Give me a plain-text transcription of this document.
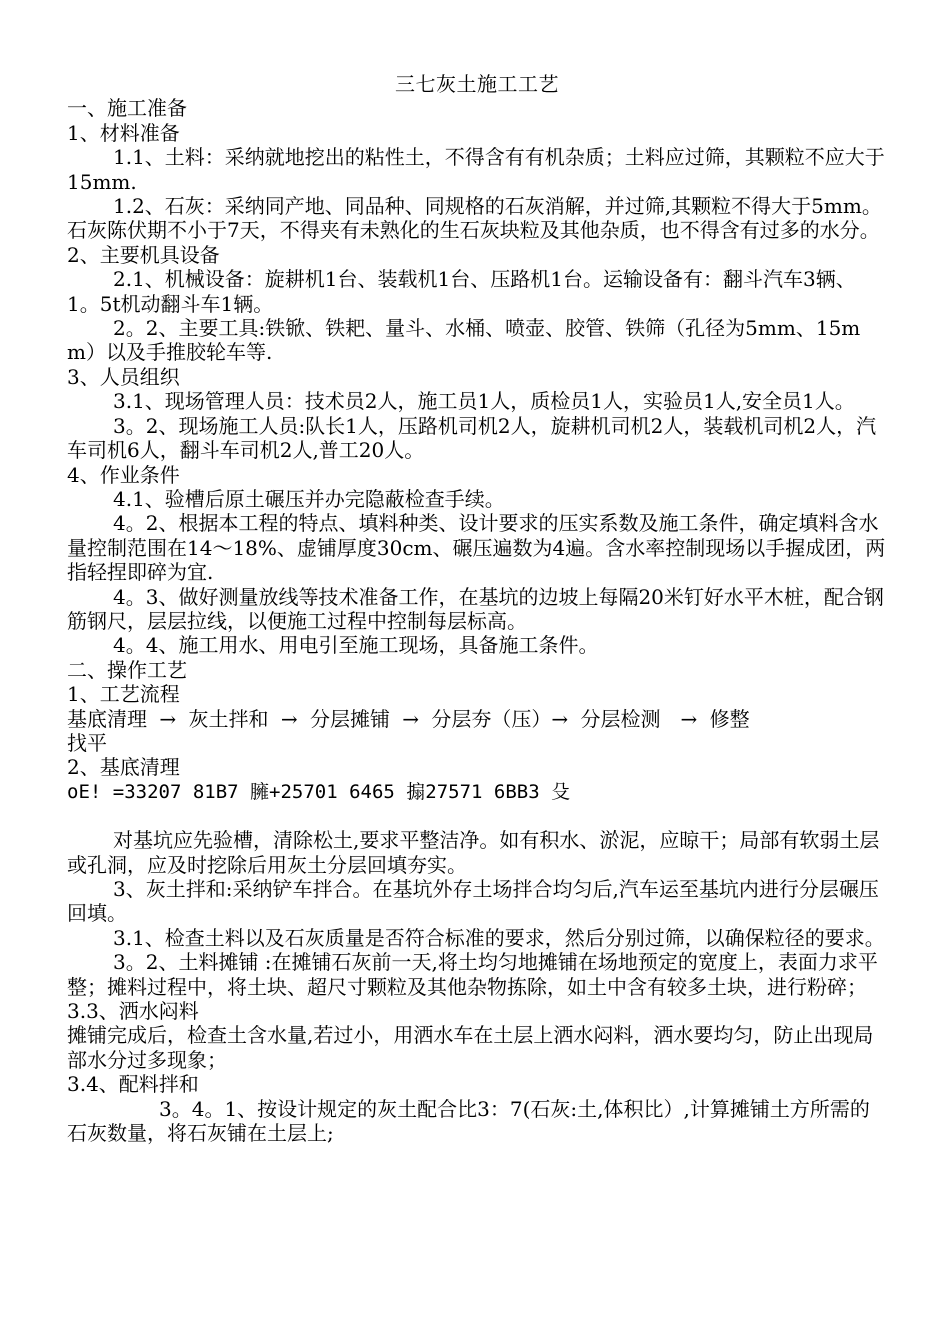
三七灰土施工工艺

一、施工准备

1、材料准备

1.1、土料：采纳就地挖出的粘性土，不得含有有机杂质；土料应过筛，其颗粒不应大于15mm.

1.2、石灰：采纳同产地、同品种、同规格的石灰消解，并过筛,其颗粒不得大于5mm。石灰陈伏期不小于7天，不得夹有未熟化的生石灰块粒及其他杂质，也不得含有过多的水分。

2、主要机具设备

2.1、机械设备：旋耕机1台、装载机1台、压路机1台。运输设备有：翻斗汽车3辆、1。5t机动翻斗车1辆。

2。2、主要工具:铁锨、铁耙、量斗、水桶、喷壶、胶管、铁筛（孔径为5mm、15mm）以及手推胶轮车等.

3、人员组织

3.1、现场管理人员：技术员2人，施工员1人，质检员1人，实验员1人,安全员1人。

3。2、现场施工人员:队长1人，压路机司机2人，旋耕机司机2人，装载机司机2人，汽车司机6人，翻斗车司机2人,普工20人。

4、作业条件

4.1、验槽后原土碾压并办完隐蔽检查手续。

4。2、根据本工程的特点、填料种类、设计要求的压实系数及施工条件，确定填料含水量控制范围在14～18%、虚铺厚度30cm、碾压遍数为4遍。含水率控制现场以手握成团，两指轻捏即碎为宜.

4。3、做好测量放线等技术准备工作，在基坑的边坡上每隔20米钉好水平木桩，配合钢筋钢尺，层层拉线，以便施工过程中控制每层标高。

4。4、施工用水、用电引至施工现场，具备施工条件。

二、操作工艺

1、工艺流程

基底清理 → 灰土拌和 → 分层摊铺 → 分层夯（压）→ 分层检测　→ 修整

找平

2、基底清理

oE! =33207 81B7 臃+25701 6465 搧27571 6BB3 殳

对基坑应先验槽，清除松土,要求平整洁净。如有积水、淤泥，应晾干；局部有软弱土层或孔洞，应及时挖除后用灰土分层回填夯实。

3、灰土拌和:采纳铲车拌合。在基坑外存土场拌合均匀后,汽车运至基坑内进行分层碾压回填。

3.1、检查土料以及石灰质量是否符合标准的要求，然后分别过筛，以确保粒径的要求。

3。2、土料摊铺 :在摊铺石灰前一天,将土均匀地摊铺在场地预定的宽度上，表面力求平整；摊料过程中，将土块、超尺寸颗粒及其他杂物拣除，如土中含有较多土块，进行粉碎；

3.3、洒水闷料

摊铺完成后，检查土含水量,若过小，用洒水车在土层上洒水闷料，洒水要均匀，防止出现局部水分过多现象；

3.4、配料拌和

3。4。1、按设计规定的灰土配合比3：7(石灰:土,体积比）,计算摊铺土方所需的石灰数量，将石灰铺在土层上;
